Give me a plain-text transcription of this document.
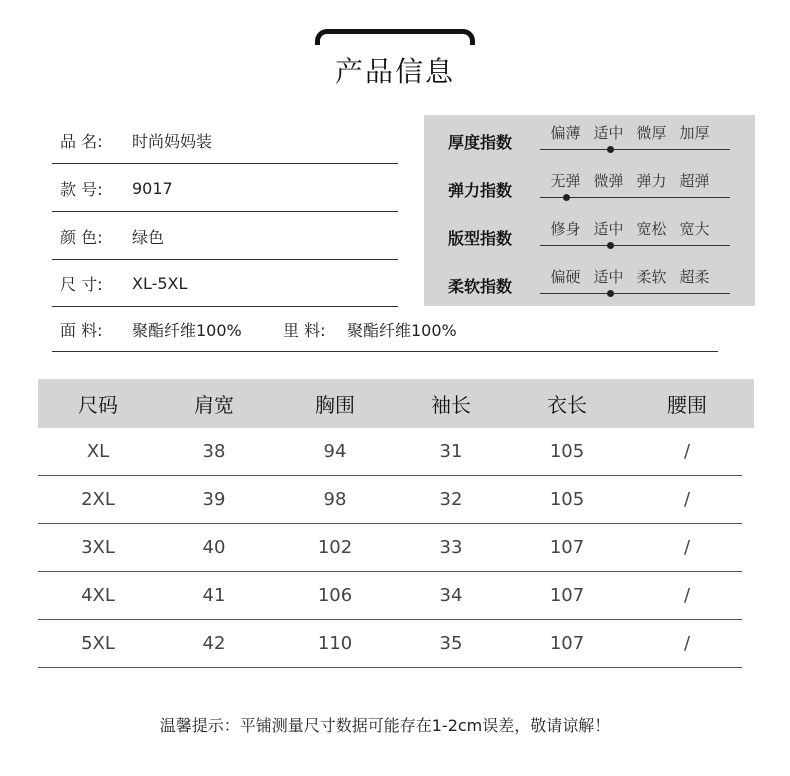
产品信息
品 名:	时尚妈妈装
款 号:	9017
颜 色:	绿色
尺 寸:	XL-5XL
面 料:	聚酯纤维100%	里 料:	聚酯纤维100%
厚度指数	偏薄 适中 微厚 加厚
弹力指数	无弹 微弹 弹力 超弹
版型指数	修身 适中 宽松 宽大
柔软指数	偏硬 适中 柔软 超柔
尺码	肩宽	胸围	袖长	衣长	腰围
XL	38	94	31	105	/
2XL	39	98	32	105	/
3XL	40	102	33	107	/
4XL	41	106	34	107	/
5XL	42	110	35	107	/
温馨提示：平铺测量尺寸数据可能存在1-2cm误差，敬请谅解！
